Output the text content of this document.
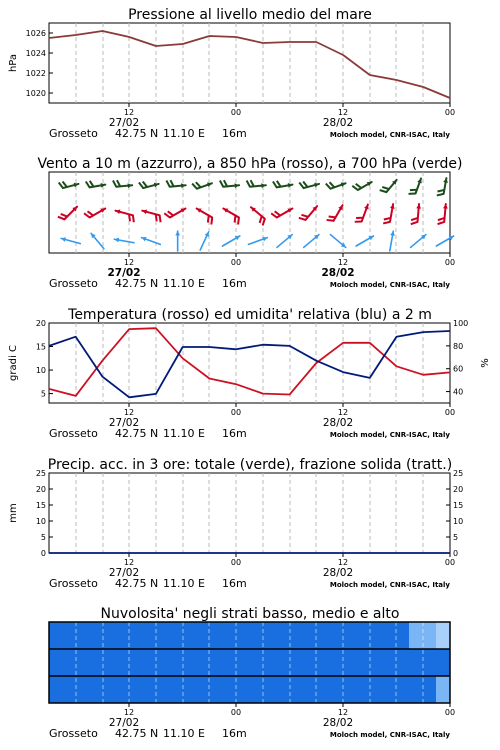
Pressione al livello medio del mare
1020
1022
1024
1026
hPa
12	00	12	00
27/02	28/02
Grosseto 42.75 N 11.10 E 16m	Moloch model, CNR-ISAC, Italy
Vento a 10 m (azzurro), a 850 hPa (rosso), a 700 hPa (verde)
12	00	12	00
27/02	28/02
Grosseto 42.75 N 11.10 E 16m	Moloch model, CNR-ISAC, Italy
Temperatura (rosso) ed umidita' relativa (blu) a 2 m
5
10
15
20
40
60
80
100
gradi C	%
12	00	12	00
27/02	28/02
Grosseto 42.75 N 11.10 E 16m	Moloch model, CNR-ISAC, Italy
Precip. acc. in 3 ore: totale (verde), frazione solida (tratt.)
0
5
10
15
20
25
0
5
10
15
20
25
mm
12	00	12	00
27/02	28/02
Grosseto 42.75 N 11.10 E 16m	Moloch model, CNR-ISAC, Italy
Nuvolosita' negli strati basso, medio e alto
12	00	12	00
27/02	28/02
Grosseto 42.75 N 11.10 E 16m	Moloch model, CNR-ISAC, Italy
